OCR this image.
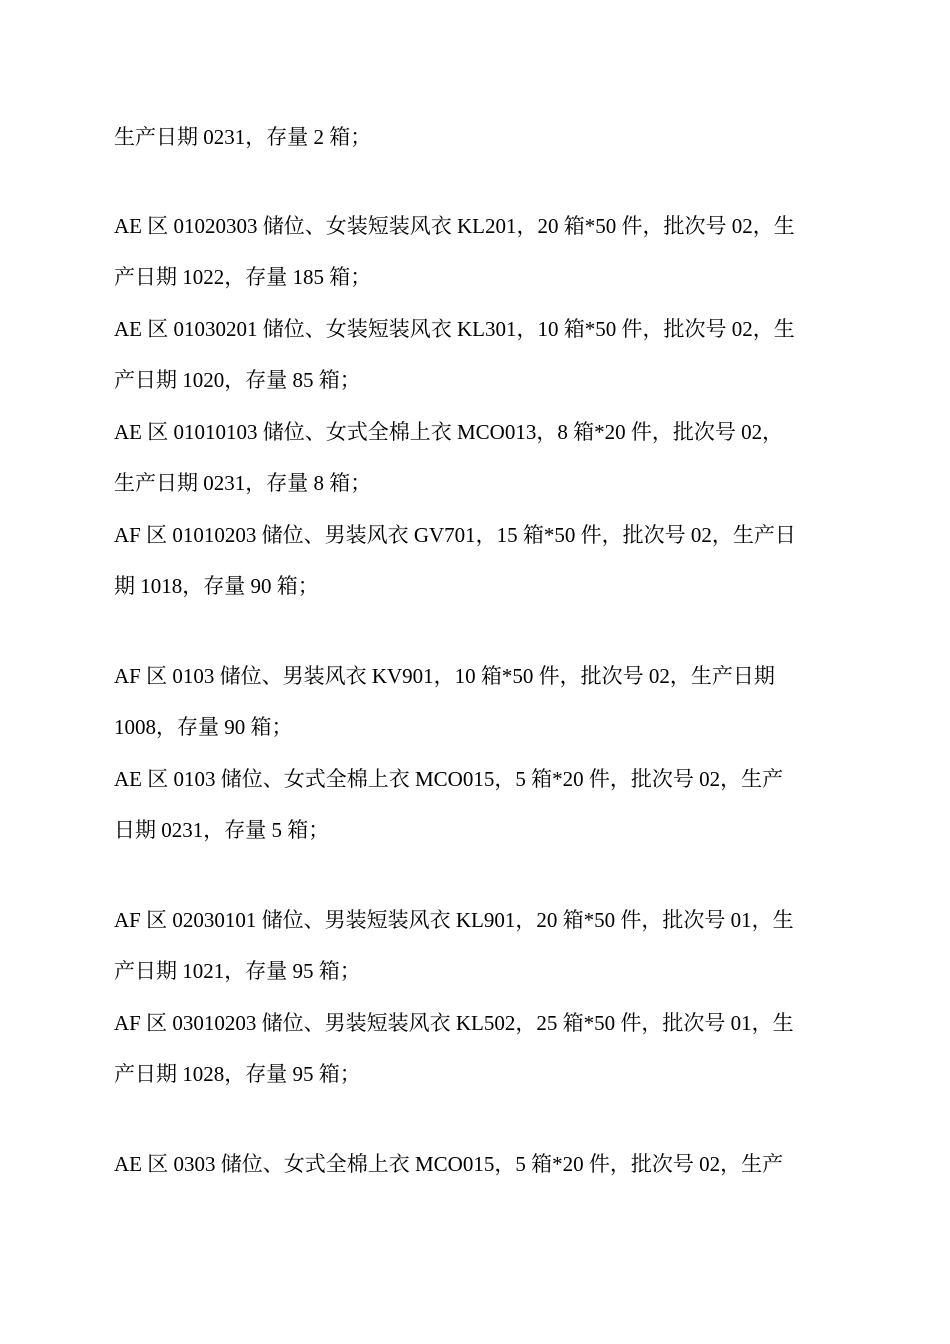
生产日期 0231，存量 2 箱；
AE 区 01020303 储位、女装短装风衣 KL201，20 箱*50 件，批次号 02，生
产日期 1022，存量 185 箱；
AE 区 01030201 储位、女装短装风衣 KL301，10 箱*50 件，批次号 02，生
产日期 1020，存量 85 箱；
AE 区 01010103 储位、女式全棉上衣 MCO013，8 箱*20 件，批次号 02，
生产日期 0231，存量 8 箱；
AF 区 01010203 储位、男装风衣 GV701，15 箱*50 件，批次号 02，生产日
期 1018，存量 90 箱；
AF 区 0103 储位、男装风衣 KV901，10 箱*50 件，批次号 02，生产日期
1008，存量 90 箱；
AE 区 0103 储位、女式全棉上衣 MCO015，5 箱*20 件，批次号 02，生产
日期 0231，存量 5 箱；
AF 区 02030101 储位、男装短装风衣 KL901，20 箱*50 件，批次号 01，生
产日期 1021，存量 95 箱；
AF 区 03010203 储位、男装短装风衣 KL502，25 箱*50 件，批次号 01，生
产日期 1028，存量 95 箱；
AE 区 0303 储位、女式全棉上衣 MCO015，5 箱*20 件，批次号 02，生产
